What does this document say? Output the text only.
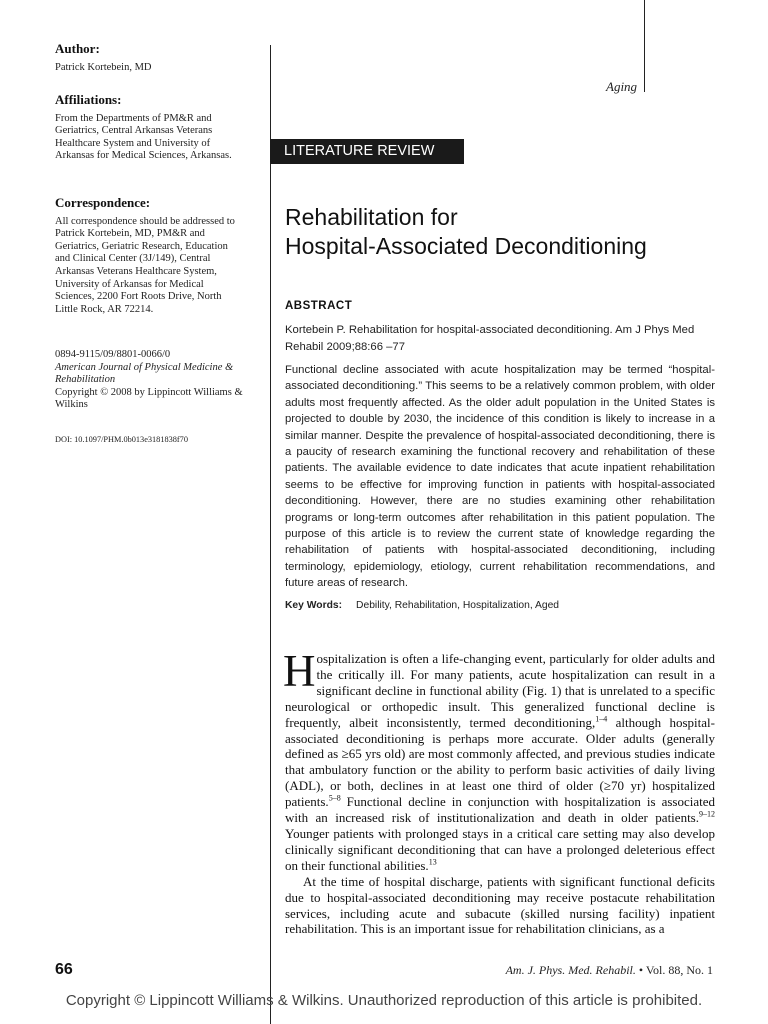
Author:

Patrick Kortebein, MD

Affiliations:

From the Departments of PM&R and Geriatrics, Central Arkansas Veterans Healthcare System and University of Arkansas for Medical Sciences, Arkansas.

Correspondence:

All correspondence should be addressed to Patrick Kortebein, MD, PM&R and Geriatrics, Geriatric Research, Education and Clinical Center (3J/149), Central Arkansas Veterans Healthcare System, University of Arkansas for Medical Sciences, 2200 Fort Roots Drive, North Little Rock, AR 72214.

0894-9115/09/8801-0066/0

American Journal of Physical Medicine & Rehabilitation

Copyright © 2008 by Lippincott Williams & Wilkins

DOI: 10.1097/PHM.0b013e3181838f70

Aging
LITERATURE REVIEW
Rehabilitation for
Hospital-Associated Deconditioning
ABSTRACT
Kortebein P. Rehabilitation for hospital-associated deconditioning. Am J Phys Med Rehabil 2009;88:66 –77

Functional decline associated with acute hospitalization may be termed “hospital-associated deconditioning.” This seems to be a relatively common problem, with older adults most frequently affected. As the older adult population in the United States is projected to double by 2030, the incidence of this condition is likely to increase in a similar manner. Despite the prevalence of hospital-associated deconditioning, there is a paucity of research examining the functional recovery and rehabilitation of these patients. The available evidence to date indicates that acute inpatient rehabilitation seems to be effective for improving function in patients with hospital-associated deconditioning. However, there are no studies examining other rehabilitation programs or long-term outcomes after rehabilitation in this patient population. The purpose of this article is to review the current state of knowledge regarding the rehabilitation of patients with hospital-associated deconditioning, including terminology, epidemiology, etiology, current rehabilitation recommendations, and future areas of research.

Key Words: Debility, Rehabilitation, Hospitalization, Aged

Hospitalization is often a life-changing event, particularly for older adults and the critically ill. For many patients, acute hospitalization can result in a significant decline in functional ability (Fig. 1) that is unrelated to a specific neurological or orthopedic insult. This generalized functional decline is frequently, albeit inconsistently, termed deconditioning,$^{1-4}$ although hospital-associated deconditioning is perhaps more accurate. Older adults (generally defined as ≥65 yrs old) are most commonly affected, and previous studies indicate that ambulatory function or the ability to perform basic activities of daily living (ADL), or both, declines in at least one third of older (≥70 yr) hospitalized patients.$^{5-8}$ Functional decline in conjunction with hospitalization is associated with an increased risk of institutionalization and death in older patients.$^{9-12}$ Younger patients with prolonged stays in a critical care setting may also develop clinically significant deconditioning that can have a prolonged deleterious effect on their functional abilities.$^{13}$

At the time of hospital discharge, patients with significant functional deficits due to hospital-associated deconditioning may receive postacute rehabilitation services, including acute and subacute (skilled nursing facility) inpatient rehabilitation. This is an important issue for rehabilitation clinicians, as a

66	Am. J. Phys. Med. Rehabil. • Vol. 88, No. 1
Copyright © Lippincott Williams & Wilkins. Unauthorized reproduction of this article is prohibited.
